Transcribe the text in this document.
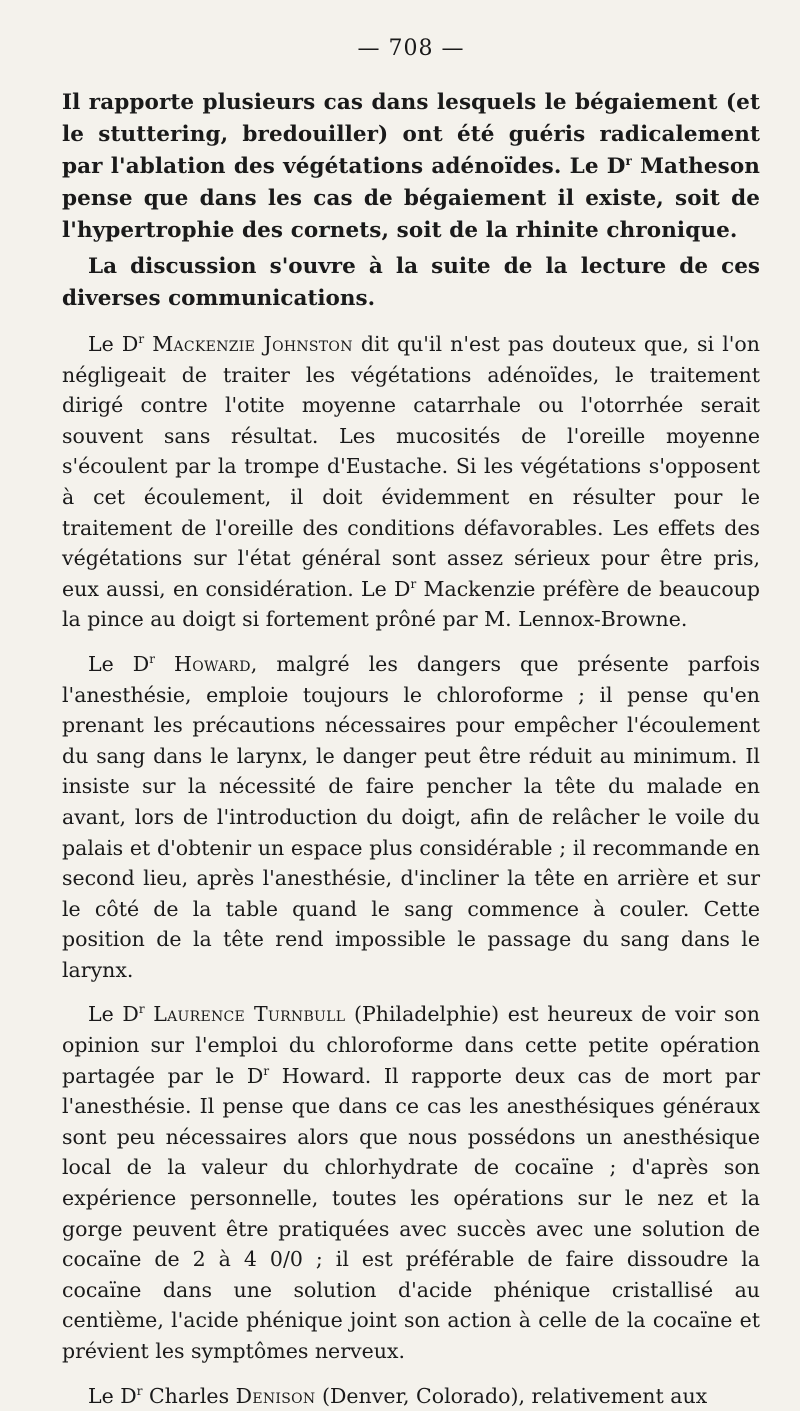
— 708 —

Il rapporte plusieurs cas dans lesquels le bégaiement (et le stuttering, bredouiller) ont été guéris radicalement par l'ablation des végétations adénoïdes. Le $D^r$ Matheson pense que dans les cas de bégaiement il existe, soit de l'hypertrophie des cornets, soit de la rhinite chronique.

La discussion s'ouvre à la suite de la lecture de ces diverses communications.

Le $D^r$ Mackenzie Johnston dit qu'il n'est pas douteux que, si l'on négligeait de traiter les végétations adénoïdes, le traitement dirigé contre l'otite moyenne catarrhale ou l'otorrhée serait souvent sans résultat. Les mucosités de l'oreille moyenne s'écoulent par la trompe d'Eustache. Si les végétations s'opposent à cet écoulement, il doit évidemment en résulter pour le traitement de l'oreille des conditions défavorables. Les effets des végétations sur l'état général sont assez sérieux pour être pris, eux aussi, en considération. Le $D^r$ Mackenzie préfère de beaucoup la pince au doigt si fortement prôné par M. Lennox-Browne.

Le $D^r$ Howard, malgré les dangers que présente parfois l'anesthésie, emploie toujours le chloroforme ; il pense qu'en prenant les précautions nécessaires pour empêcher l'écoulement du sang dans le larynx, le danger peut être réduit au minimum. Il insiste sur la nécessité de faire pencher la tête du malade en avant, lors de l'introduction du doigt, afin de relâcher le voile du palais et d'obtenir un espace plus considérable ; il recommande en second lieu, après l'anesthésie, d'incliner la tête en arrière et sur le côté de la table quand le sang commence à couler. Cette position de la tête rend impossible le passage du sang dans le larynx.

Le $D^r$ Laurence Turnbull (Philadelphie) est heureux de voir son opinion sur l'emploi du chloroforme dans cette petite opération partagée par le $D^r$ Howard. Il rapporte deux cas de mort par l'anesthésie. Il pense que dans ce cas les anesthésiques généraux sont peu nécessaires alors que nous possédons un anesthésique local de la valeur du chlorhydrate de cocaïne ; d'après son expérience personnelle, toutes les opérations sur le nez et la gorge peuvent être pratiquées avec succès avec une solution de cocaïne de 2 à 4 0/0 ; il est préférable de faire dissoudre la cocaïne dans une solution d'acide phénique cristallisé au centième, l'acide phénique joint son action à celle de la cocaïne et prévient les symptômes nerveux.

Le $D^r$ Charles Denison (Denver, Colorado), relativement aux
